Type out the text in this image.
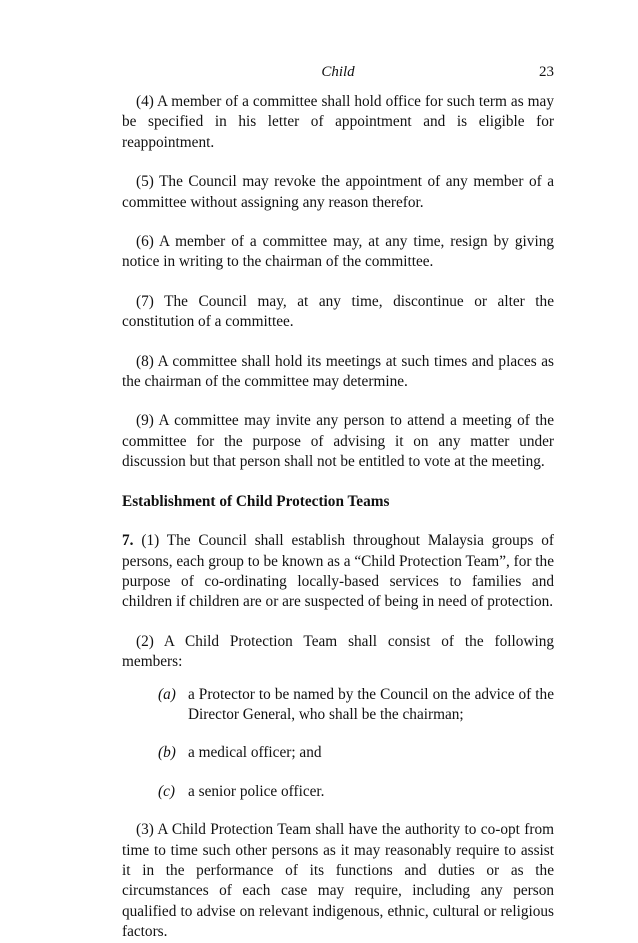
Child	23

(4) A member of a committee shall hold office for such term as may be specified in his letter of appointment and is eligible for reappointment.

(5) The Council may revoke the appointment of any member of a committee without assigning any reason therefor.

(6) A member of a committee may, at any time, resign by giving notice in writing to the chairman of the committee.

(7) The Council may, at any time, discontinue or alter the constitution of a committee.

(8) A committee shall hold its meetings at such times and places as the chairman of the committee may determine.

(9) A committee may invite any person to attend a meeting of the committee for the purpose of advising it on any matter under discussion but that person shall not be entitled to vote at the meeting.

Establishment of Child Protection Teams

7. (1) The Council shall establish throughout Malaysia groups of persons, each group to be known as a “Child Protection Team”, for the purpose of co-ordinating locally-based services to families and children if children are or are suspected of being in need of protection.

(2) A Child Protection Team shall consist of the following members:

(a) a Protector to be named by the Council on the advice of the Director General, who shall be the chairman;

(b) a medical officer; and

(c) a senior police officer.

(3) A Child Protection Team shall have the authority to co-opt from time to time such other persons as it may reasonably require to assist it in the performance of its functions and duties or as the circumstances of each case may require, including any person qualified to advise on relevant indigenous, ethnic, cultural or religious factors.
